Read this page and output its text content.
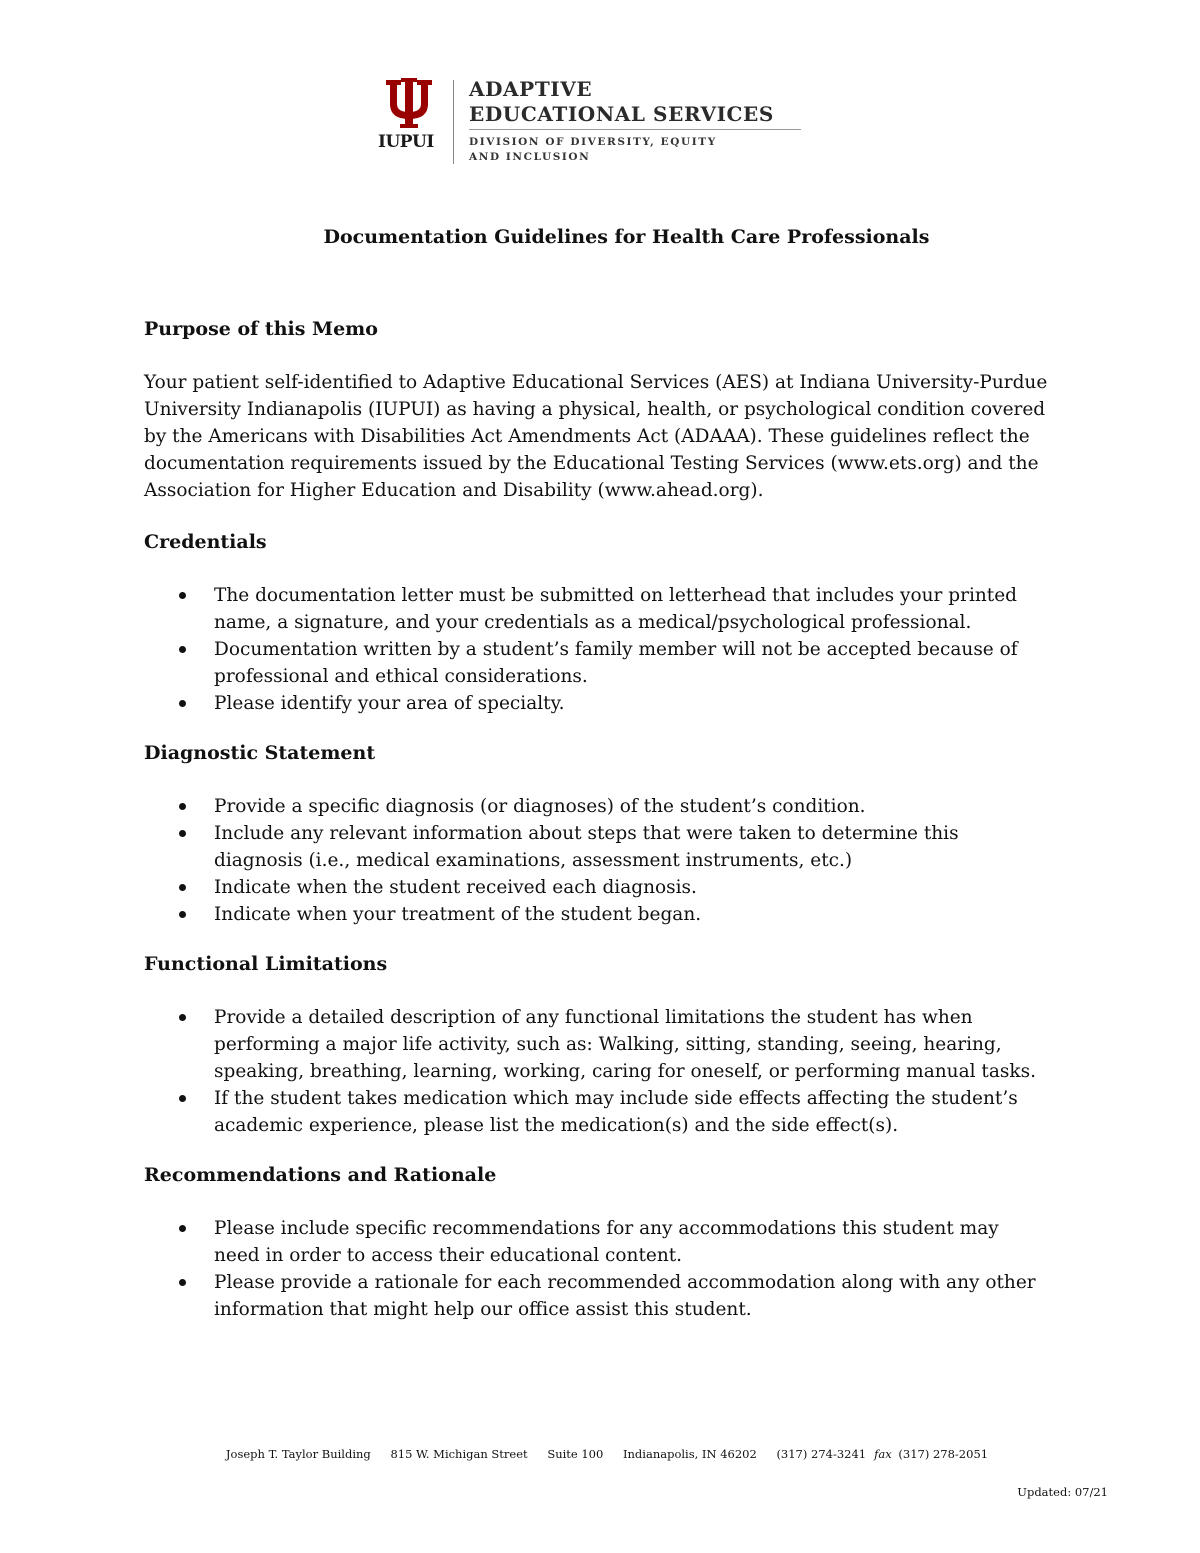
IUPUI
ADAPTIVE
EDUCATIONAL SERVICES
DIVISION OF DIVERSITY, EQUITY
AND INCLUSION
Documentation Guidelines for Health Care Professionals
Purpose of this Memo

Your patient self-identified to Adaptive Educational Services (AES) at Indiana University-Purdue University Indianapolis (IUPUI) as having a physical, health, or psychological condition covered by the Americans with Disabilities Act Amendments Act (ADAAA). These guidelines reflect the documentation requirements issued by the Educational Testing Services (www.ets.org) and the Association for Higher Education and Disability (www.ahead.org).

Credentials
The documentation letter must be submitted on letterhead that includes your printed name, a signature, and your credentials as a medical/psychological professional.
Documentation written by a student’s family member will not be accepted because of professional and ethical considerations.
Please identify your area of specialty.
Diagnostic Statement
Provide a specific diagnosis (or diagnoses) of the student’s condition.
Include any relevant information about steps that were taken to determine this diagnosis (i.e., medical examinations, assessment instruments, etc.)
Indicate when the student received each diagnosis.
Indicate when your treatment of the student began.
Functional Limitations
Provide a detailed description of any functional limitations the student has when performing a major life activity, such as: Walking, sitting, standing, seeing, hearing, speaking, breathing, learning, working, caring for oneself, or performing manual tasks.
If the student takes medication which may include side effects affecting the student’s academic experience, please list the medication(s) and the side effect(s).
Recommendations and Rationale
Please include specific recommendations for any accommodations this student may need in order to access their educational content.
Please provide a rationale for each recommended accommodation along with any other information that might help our office assist this student.
Joseph T. Taylor Building 815 W. Michigan Street Suite 100 Indianapolis, IN 46202 (317) 274-3241 fax (317) 278-2051
Updated: 07/21
